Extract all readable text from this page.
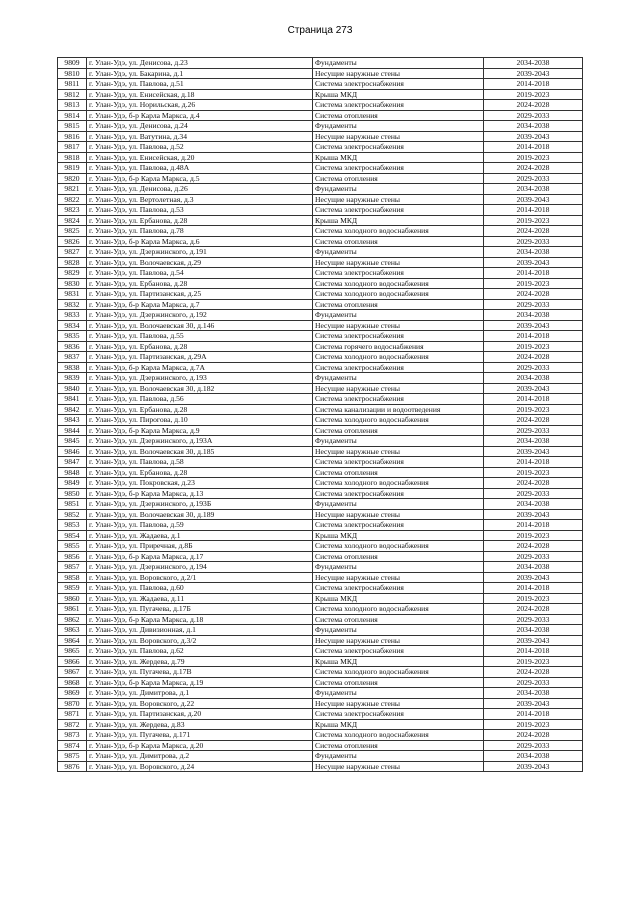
Страница 273
9809	г. Улан-Удэ, ул. Денисова, д.23	Фундаменты	2034-2038
9810	г. Улан-Удэ, ул. Бакарина, д.1	Несущие наружные стены	2039-2043
9811	г. Улан-Удэ, ул. Павлова, д.51	Система электроснабжения	2014-2018
9812	г. Улан-Удэ, ул. Енисейская, д.18	Крыша МКД	2019-2023
9813	г. Улан-Удэ, ул. Норильская, д.26	Система электроснабжения	2024-2028
9814	г. Улан-Удэ, б-р Карла Маркса, д.4	Система отопления	2029-2033
9815	г. Улан-Удэ, ул. Денисова, д.24	Фундаменты	2034-2038
9816	г. Улан-Удэ, ул. Ватутина, д.34	Несущие наружные стены	2039-2043
9817	г. Улан-Удэ, ул. Павлова, д.52	Система электроснабжения	2014-2018
9818	г. Улан-Удэ, ул. Енисейская, д.20	Крыша МКД	2019-2023
9819	г. Улан-Удэ, ул. Павлова, д.48А	Система электроснабжения	2024-2028
9820	г. Улан-Удэ, б-р Карла Маркса, д.5	Система отопления	2029-2033
9821	г. Улан-Удэ, ул. Денисова, д.26	Фундаменты	2034-2038
9822	г. Улан-Удэ, ул. Вертолетная, д.3	Несущие наружные стены	2039-2043
9823	г. Улан-Удэ, ул. Павлова, д.53	Система электроснабжения	2014-2018
9824	г. Улан-Удэ, ул. Ербанова, д.28	Крыша МКД	2019-2023
9825	г. Улан-Удэ, ул. Павлова, д.78	Система холодного водоснабжения	2024-2028
9826	г. Улан-Удэ, б-р Карла Маркса, д.6	Система отопления	2029-2033
9827	г. Улан-Удэ, ул. Дзержинского, д.191	Фундаменты	2034-2038
9828	г. Улан-Удэ, ул. Волочаевская, д.29	Несущие наружные стены	2039-2043
9829	г. Улан-Удэ, ул. Павлова, д.54	Система электроснабжения	2014-2018
9830	г. Улан-Удэ, ул. Ербанова, д.28	Система холодного водоснабжения	2019-2023
9831	г. Улан-Удэ, ул. Партизанская, д.25	Система холодного водоснабжения	2024-2028
9832	г. Улан-Удэ, б-р Карла Маркса, д.7	Система отопления	2029-2033
9833	г. Улан-Удэ, ул. Дзержинского, д.192	Фундаменты	2034-2038
9834	г. Улан-Удэ, ул. Волочаевская 30, д.146	Несущие наружные стены	2039-2043
9835	г. Улан-Удэ, ул. Павлова, д.55	Система электроснабжения	2014-2018
9836	г. Улан-Удэ, ул. Ербанова, д.28	Система горячего водоснабжения	2019-2023
9837	г. Улан-Удэ, ул. Партизанская, д.29А	Система холодного водоснабжения	2024-2028
9838	г. Улан-Удэ, б-р Карла Маркса, д.7А	Система электроснабжения	2029-2033
9839	г. Улан-Удэ, ул. Дзержинского, д.193	Фундаменты	2034-2038
9840	г. Улан-Удэ, ул. Волочаевская 30, д.182	Несущие наружные стены	2039-2043
9841	г. Улан-Удэ, ул. Павлова, д.56	Система электроснабжения	2014-2018
9842	г. Улан-Удэ, ул. Ербанова, д.28	Система канализации и водоотведения	2019-2023
9843	г. Улан-Удэ, ул. Пирогова, д.10	Система холодного водоснабжения	2024-2028
9844	г. Улан-Удэ, б-р Карла Маркса, д.9	Система отопления	2029-2033
9845	г. Улан-Удэ, ул. Дзержинского, д.193А	Фундаменты	2034-2038
9846	г. Улан-Удэ, ул. Волочаевская 30, д.185	Несущие наружные стены	2039-2043
9847	г. Улан-Удэ, ул. Павлова, д.58	Система электроснабжения	2014-2018
9848	г. Улан-Удэ, ул. Ербанова, д.28	Система отопления	2019-2023
9849	г. Улан-Удэ, ул. Покровская, д.23	Система холодного водоснабжения	2024-2028
9850	г. Улан-Удэ, б-р Карла Маркса, д.13	Система электроснабжения	2029-2033
9851	г. Улан-Удэ, ул. Дзержинского, д.193Б	Фундаменты	2034-2038
9852	г. Улан-Удэ, ул. Волочаевская 30, д.189	Несущие наружные стены	2039-2043
9853	г. Улан-Удэ, ул. Павлова, д.59	Система электроснабжения	2014-2018
9854	г. Улан-Удэ, ул. Жадаева, д.1	Крыша МКД	2019-2023
9855	г. Улан-Удэ, ул. Приречная, д.8Б	Система холодного водоснабжения	2024-2028
9856	г. Улан-Удэ, б-р Карла Маркса, д.17	Система отопления	2029-2033
9857	г. Улан-Удэ, ул. Дзержинского, д.194	Фундаменты	2034-2038
9858	г. Улан-Удэ, ул. Воровского, д.2/1	Несущие наружные стены	2039-2043
9859	г. Улан-Удэ, ул. Павлова, д.60	Система электроснабжения	2014-2018
9860	г. Улан-Удэ, ул. Жадаева, д.11	Крыша МКД	2019-2023
9861	г. Улан-Удэ, ул. Пугачева, д.17Б	Система холодного водоснабжения	2024-2028
9862	г. Улан-Удэ, б-р Карла Маркса, д.18	Система отопления	2029-2033
9863	г. Улан-Удэ, ул. Дивизионная, д.1	Фундаменты	2034-2038
9864	г. Улан-Удэ, ул. Воровского, д.3/2	Несущие наружные стены	2039-2043
9865	г. Улан-Удэ, ул. Павлова, д.62	Система электроснабжения	2014-2018
9866	г. Улан-Удэ, ул. Жердева, д.79	Крыша МКД	2019-2023
9867	г. Улан-Удэ, ул. Пугачева, д.17В	Система холодного водоснабжения	2024-2028
9868	г. Улан-Удэ, б-р Карла Маркса, д.19	Система отопления	2029-2033
9869	г. Улан-Удэ, ул. Димитрова, д.1	Фундаменты	2034-2038
9870	г. Улан-Удэ, ул. Воровского, д.22	Несущие наружные стены	2039-2043
9871	г. Улан-Удэ, ул. Партизанская, д.20	Система электроснабжения	2014-2018
9872	г. Улан-Удэ, ул. Жердева, д.83	Крыша МКД	2019-2023
9873	г. Улан-Удэ, ул. Пугачева, д.171	Система холодного водоснабжения	2024-2028
9874	г. Улан-Удэ, б-р Карла Маркса, д.20	Система отопления	2029-2033
9875	г. Улан-Удэ, ул. Димитрова, д.2	Фундаменты	2034-2038
9876	г. Улан-Удэ, ул. Воровского, д.24	Несущие наружные стены	2039-2043
